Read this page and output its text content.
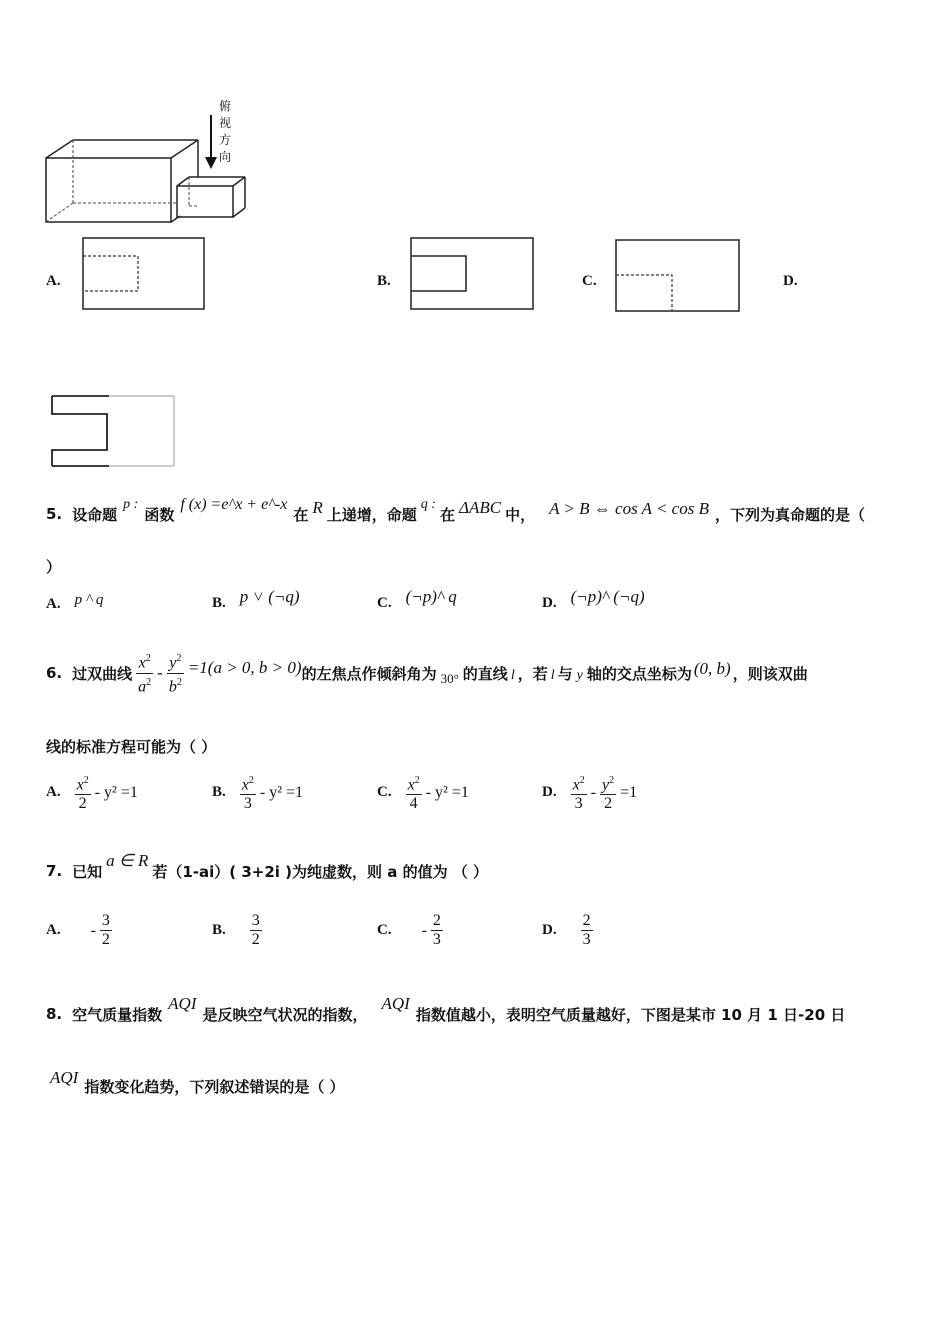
俯视方向
A.	B.	C.	D.
5. 设命题
p :
函数
f (x) =e^x + e^-x
在 R 上递增，命题
q :
在 ΔABC 中， A > B ⇔ cos A < cos B ，下列为真命题的是（
）
A. p ^ q	B. p ˅ (¬q)	C. (¬p)^ q	D. (¬p)^ (¬q)
6. 过双曲线 $\frac{x^2}{a^2} - \frac{y^2}{b^2} =1(a > 0$, b > 0) 的左焦点作倾斜角为 30° 的直线 l ，若 l 与 y 轴的交点坐标为 (0, b) ，则该双曲
线的标准方程可能为（ ）
A. $\frac{x^2}{2} - y^2 =1$	B. $\frac{x^2}{3} - y^2 =1$	C. $\frac{x^2}{4} - y^2 =1$	D. $\frac{x^2}{3} - \frac{y^2}{2} =1$
7. 已知
a ∈ R
若（1-ai）( 3+2i )为纯虚数，则 a 的值为 （ ）
A. - $\frac{3}{2}$	B. $\frac{3}{2}$	C. - $\frac{2}{3}$	D. $\frac{2}{3}$
8. 空气质量指数
AQI
是反映空气状况的指数，
AQI
指数值越小，表明空气质量越好，下图是某市 10 月 1 日-20 日
AQI 指数变化趋势，下列叙述错误的是（ ）
